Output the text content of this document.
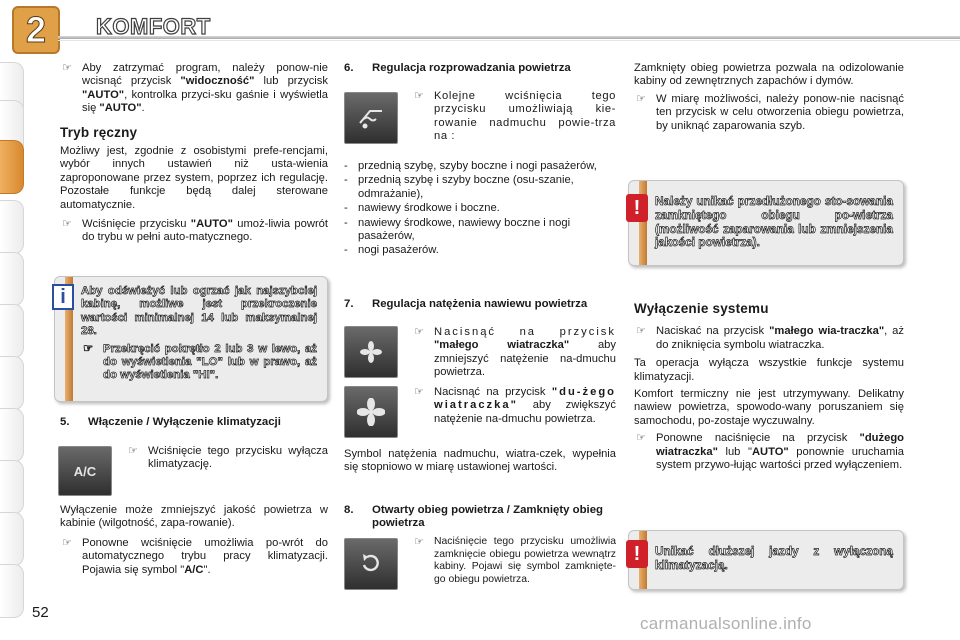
2 KOMFORT
☞ Aby zatrzymać program, należy ponow-nie wcisnąć przycisk "widoczność" lub przycisk "AUTO", kontrolka przyci-sku gaśnie i wyświetla się "AUTO".
Tryb ręczny

Możliwy jest, zgodnie z osobistymi prefe-rencjami, wybór innych ustawień niż usta-wienia zaproponowane przez system, poprzez ich regulację. Pozostałe funkcje będą dalej sterowane automatycznie.

☞ Wciśnięcie przycisku "AUTO" umoż-liwia powrót do trybu w pełni auto-matycznego.
Aby odświeżyć lub ogrzać jak najszybciej kabinę, możliwe jest przekroczenie wartości minimalnej 14 lub maksymalnej 28.
☞ Przekręcić pokrętło 2 lub 3 w lewo, aż do wyświetlenia "LO" lub w prawo, aż do wyświetlenia "HI".
i
5.	Włączenie / Wyłączenie klimatyzacji
A/C
☞ Wciśnięcie tego przycisku wyłącza klimatyzację.

Wyłączenie może zmniejszyć jakość powietrza w kabinie (wilgotność, zapa-rowanie).

☞ Ponowne wciśnięcie umożliwia po-wrót do automatycznego trybu pracy klimatyzacji. Pojawia się symbol "A/C".
6.	Regulacja rozprowadzania powietrza
☞ Kolejne wciśnięcia tego przycisku umożliwiają kie-rowanie nadmuchu powie-trza na :
- przednią szybę, szyby boczne i nogi pasażerów,
- przednią szybę i szyby boczne (osu-szanie, odmrażanie),
- nawiewy środkowe i boczne.
- nawiewy środkowe, nawiewy boczne i nogi pasażerów,
- nogi pasażerów.
7.	Regulacja natężenia nawiewu powietrza
☞ Nacisnąć na przycisk "małego wiatraczka" aby zmniejszyć natężenie na-dmuchu powietrza.
☞ Nacisnąć na przycisk "du-żego wiatraczka" aby zwiększyć natężenie na-dmuchu powietrza.

Symbol natężenia nadmuchu, wiatra-czek, wypełnia się stopniowo w miarę ustawionej wartości.

8.	Otwarty obieg powietrza / Zamknięty obieg powietrza
☞ Naciśnięcie tego przycisku umożliwia zamknięcie obiegu powietrza wewnątrz kabiny. Pojawi się symbol zamknięte-go obiegu powietrza.

Zamknięty obieg powietrza pozwala na odizolowanie kabiny od zewnętrznych zapachów i dymów.

☞ W miarę możliwości, należy ponow-nie nacisnąć ten przycisk w celu otworzenia obiegu powietrza, by uniknąć zaparowania szyb.
Należy unikać przedłużonego sto-sowania zamkniętego obiegu po-wietrza (możliwość zaparowania lub zmniejszenia jakości powietrza).
!
Wyłączenie systemu
☞ Naciskać na przycisk "małego wia-traczka", aż do zniknięcia symbolu wiatraczka.

Ta operacja wyłącza wszystkie funkcje systemu klimatyzacji.

Komfort termiczny nie jest utrzymywany. Delikatny nawiew powietrza, spowodo-wany poruszaniem się samochodu, po-zostaje wyczuwalny.

☞ Ponowne naciśnięcie na przycisk "dużego wiatraczka" lub "AUTO" ponownie uruchamia system przywo-łując wartości przed wyłączeniem.
Unikać dłuższej jazdy z wyłączoną klimatyzacją.
!
52
carmanualsonline.info
